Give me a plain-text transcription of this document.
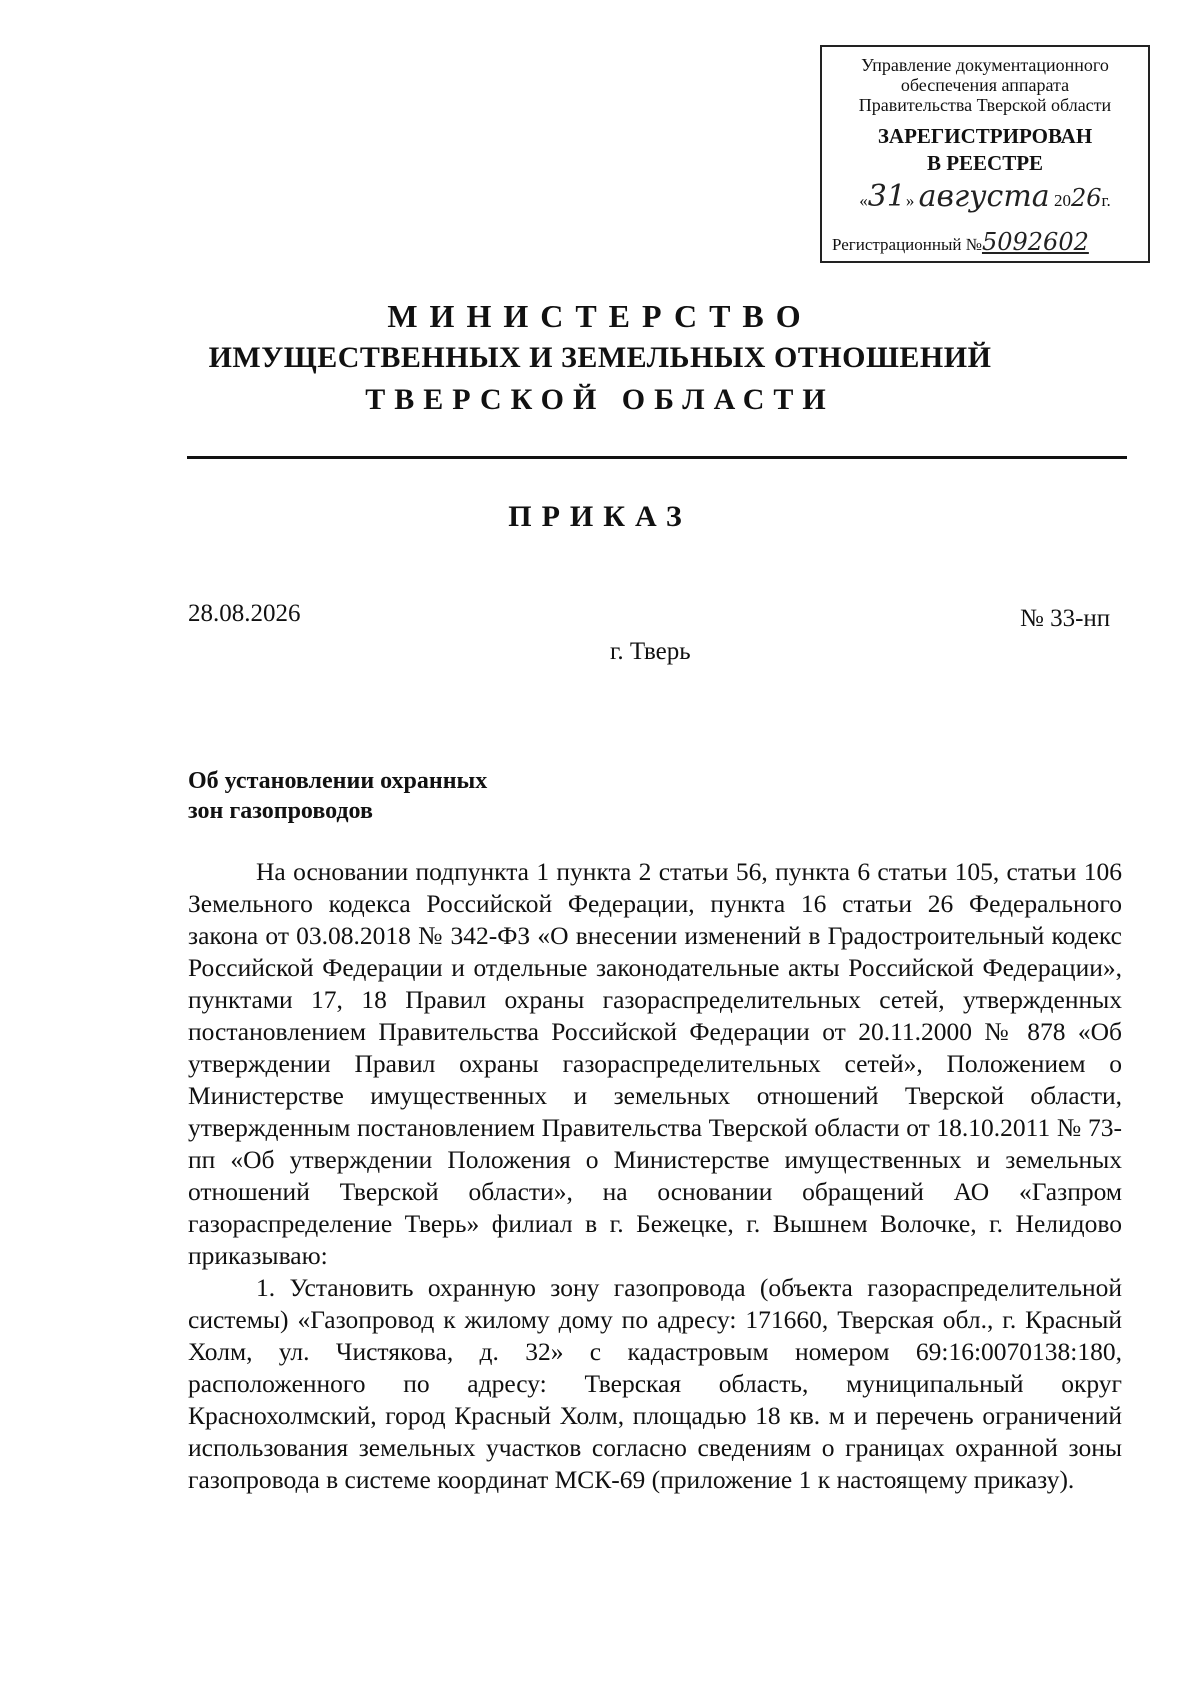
Управление документационного
обеспечения аппарата
Правительства Тверской области
ЗАРЕГИСТРИРОВАН
В РЕЕСТРЕ
«31» августа 2026г.
Регистрационный №5092602
МИНИСТЕРСТВО
ИМУЩЕСТВЕННЫХ И ЗЕМЕЛЬНЫХ ОТНОШЕНИЙ
ТВЕРСКОЙ ОБЛАСТИ
ПРИКАЗ
28.08.2026	№ 33-нп
г. Тверь
Об установлении охранных
зон газопроводов

На основании подпункта 1 пункта 2 статьи 56, пункта 6 статьи 105, статьи 106 Земельного кодекса Российской Федерации, пункта 16 статьи 26 Федерального закона от 03.08.2018 № 342-ФЗ «О внесении изменений в Градостроительный кодекс Российской Федерации и отдельные законодательные акты Российской Федерации», пунктами 17, 18 Правил охраны газораспределительных сетей, утвержденных постановлением Правительства Российской Федерации от 20.11.2000 № 878 «Об утверждении Правил охраны газораспределительных сетей», Положением о Министерстве имущественных и земельных отношений Тверской области, утвержденным постановлением Правительства Тверской области от 18.10.2011 № 73-пп «Об утверждении Положения о Министерстве имущественных и земельных отношений Тверской области», на основании обращений АО «Газпром газораспределение Тверь» филиал в г. Бежецке, г. Вышнем Волочке, г. Нелидово приказываю:

1. Установить охранную зону газопровода (объекта газораспределительной системы) «Газопровод к жилому дому по адресу: 171660, Тверская обл., г. Красный Холм, ул. Чистякова, д. 32» с кадастровым номером 69:16:0070138:180, расположенного по адресу: Тверская область, муниципальный округ Краснохолмский, город Красный Холм, площадью 18 кв. м и перечень ограничений использования земельных участков согласно сведениям о границах охранной зоны газопровода в системе координат МСК-69 (приложение 1 к настоящему приказу).
